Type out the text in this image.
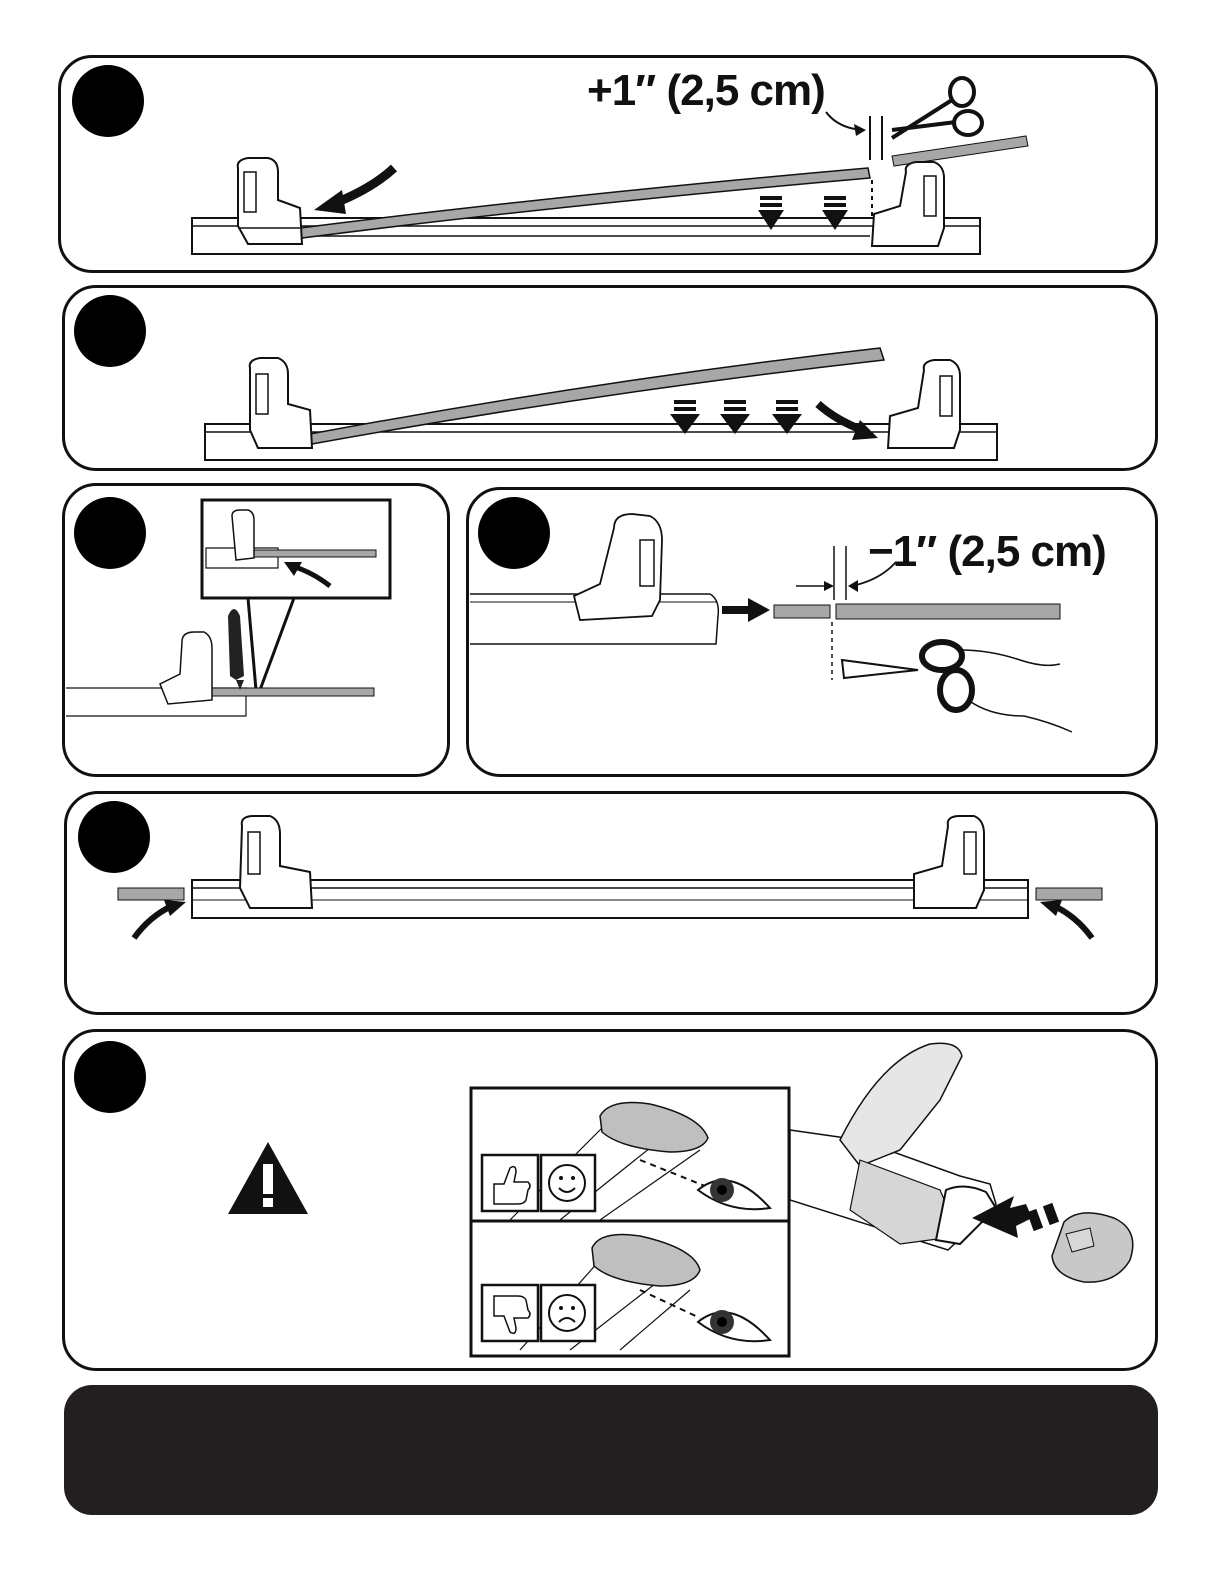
+1″ (2,5 cm)
−1″ (2,5 cm)
